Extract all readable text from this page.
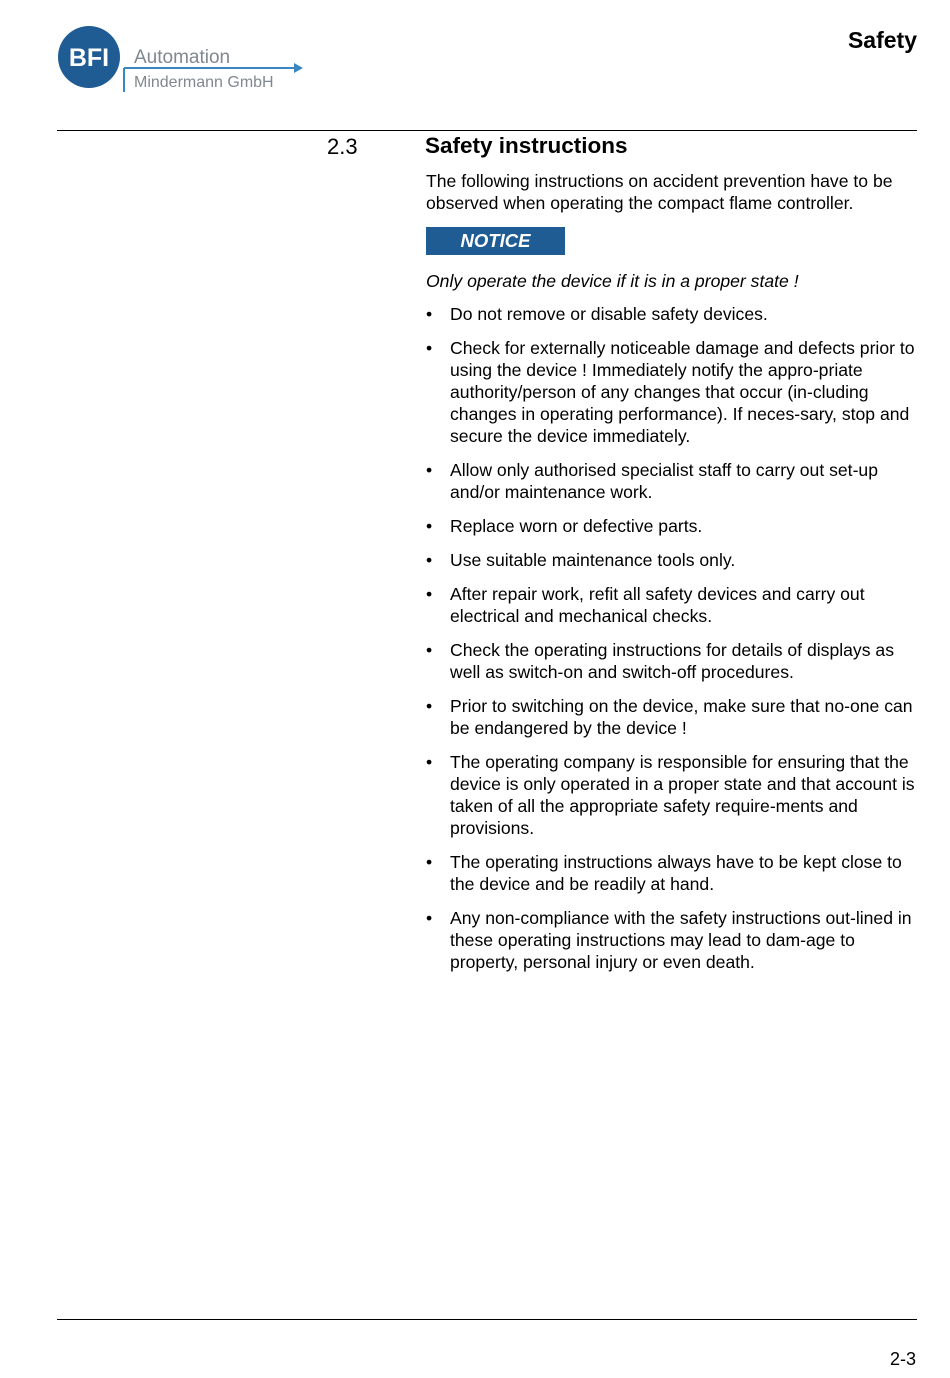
BFI Automation
Mindermann GmbH
Safety
2.3	Safety instructions

The following instructions on accident prevention have to be observed when operating the compact flame controller.

NOTICE

Only operate the device if it is in a proper state !

• Do not remove or disable safety devices.
• Check for externally noticeable damage and defects prior to using the device ! Immediately notify the appro-priate authority/person of any changes that occur (in-cluding changes in operating performance). If neces-sary, stop and secure the device immediately.
• Allow only authorised specialist staff to carry out set-up and/or maintenance work.
• Replace worn or defective parts.
• Use suitable maintenance tools only.
• After repair work, refit all safety devices and carry out electrical and mechanical checks.
• Check the operating instructions for details of displays as well as switch-on and switch-off procedures.
• Prior to switching on the device, make sure that no-one can be endangered by the device !
• The operating company is responsible for ensuring that the device is only operated in a proper state and that account is taken of all the appropriate safety require-ments and provisions.
• The operating instructions always have to be kept close to the device and be readily at hand.
• Any non-compliance with the safety instructions out-lined in these operating instructions may lead to dam-age to property, personal injury or even death.
2-3
